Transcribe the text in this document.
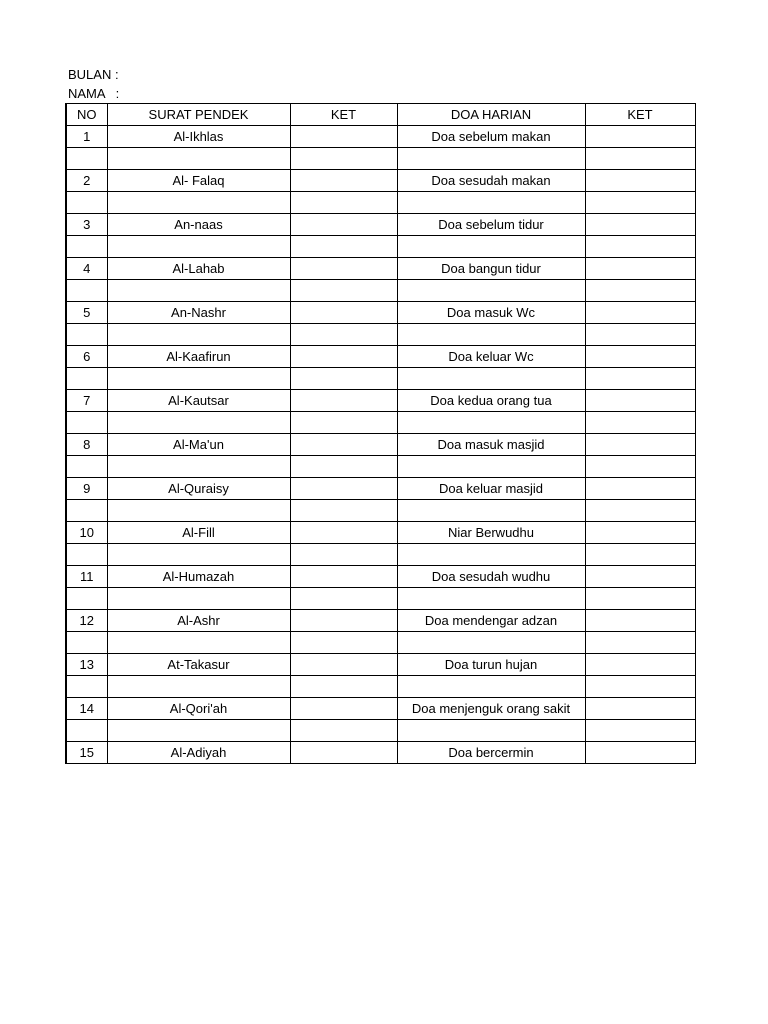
BULAN :
NAMA   :
NO	SURAT PENDEK	KET	DOA HARIAN	KET
1	Al-Ikhlas		Doa sebelum makan	

2	Al- Falaq		Doa sesudah makan	

3	An-naas		Doa sebelum tidur	

4	Al-Lahab		Doa bangun tidur	

5	An-Nashr		Doa masuk Wc	

6	Al-Kaafirun		Doa keluar Wc	

7	Al-Kautsar		Doa kedua orang tua	

8	Al-Ma'un		Doa masuk masjid	

9	Al-Quraisy		Doa keluar masjid	

10	Al-Fill		Niar Berwudhu	

11	Al-Humazah		Doa sesudah wudhu	

12	Al-Ashr		Doa mendengar adzan	

13	At-Takasur		Doa turun hujan	

14	Al-Qori'ah		Doa menjenguk orang sakit	

15	Al-Adiyah		Doa bercermin	
